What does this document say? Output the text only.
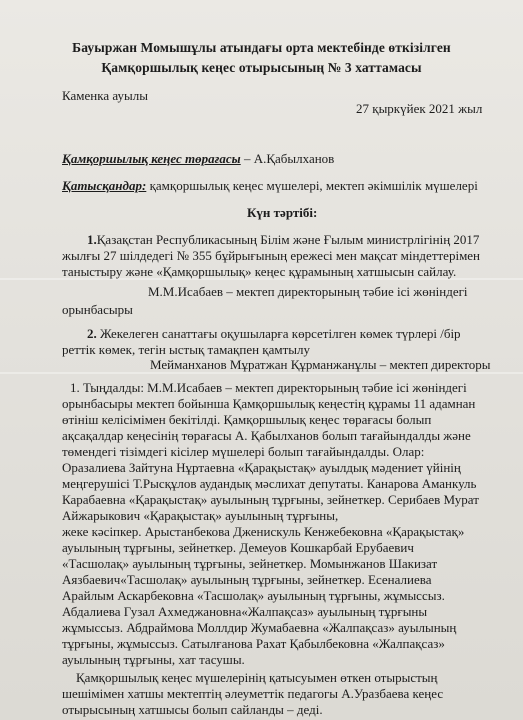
Бауыржан Момышұлы атындағы орта мектебінде өткізілген
Қамқоршылық кеңес отырысының № 3 хаттамасы
Каменка ауылы
27 қыркүйек 2021 жыл
Қамқоршылық кеңес төрағасы – А.Қабылханов
Қатысқандар: қамқоршылық кеңес мүшелері, мектеп әкімшілік мүшелері
Күн тәртібі:
1.Қазақстан Республикасының Білім және Ғылым министрлігінің 2017
жылғы 27 шілдедегі № 355 бұйрығының ережесі мен мақсат міндеттерімен
таныстыру және «Қамқоршылық» кеңес құрамының хатшысын сайлау.
М.М.Исабаев – мектеп директорының тәбие ісі жөніндегі
орынбасыры
2. Жекелеген санаттағы оқушыларға көрсетілген көмек түрлері /бір
реттік көмек, тегін ыстық тамақпен қамтылу
Мейманханов Мұратжан Құрманжанұлы – мектеп директоры
1. Тыңдалды: М.М.Исабаев – мектеп директорының тәбие ісі жөніндегі
орынбасыры мектеп бойынша Қамқоршылық кеңестің құрамы 11 адамнан
өтініш келісімімен бекітілді. Қамқоршылық кеңес төрағасы болып
ақсақалдар кеңесінің төрағасы А. Қабылханов болып тағайындалды және
төмендегі тізімдегі кісілер мүшелері болып тағайындалды. Олар:
Оразалиева Зайтуна Нұртаевна «Қарақыстақ» ауылдық мәдениет үйінің
меңгерушісі Т.Рысқұлов аудандық мәслихат депутаты. Канарова Аманкуль
Карабаевна «Қарақыстақ» ауылының тұрғыны, зейнеткер. Серибаев Мурат
Айжарыкович «Қарақыстақ» ауылының тұрғыны,
жеке кәсіпкер. Арыстанбекова Дженискуль Кенжебековна «Қарақыстақ»
ауылының тұрғыны, зейнеткер. Демеуов Кошкарбай Ерубаевич
«Тасшолақ» ауылының тұрғыны, зейнеткер. Момынжанов Шакизат
Аязбаевич«Тасшолақ» ауылының тұрғыны, зейнеткер. Есеналиева
Арайлым Аскарбековна «Тасшолақ» ауылының тұрғыны, жұмыссыз.
Абдалиева Гузал Ахмеджановна«Жалпақсаз» ауылының тұрғыны
жұмыссыз. Абдраймова Моллдир Жумабаевна «Жалпақсаз» ауылының
тұрғыны, жұмыссыз. Сатылғанова Рахат Қабылбековна «Жалпақсаз»
ауылының тұрғыны, хат тасушы.
Қамқоршылық кеңес мүшелерінің қатысуымен өткен отырыстың
шешімімен хатшы мектептің әлеуметтік педагогы А.Уразбаева кеңес
отырысының хатшысы болып сайланды – деді.
